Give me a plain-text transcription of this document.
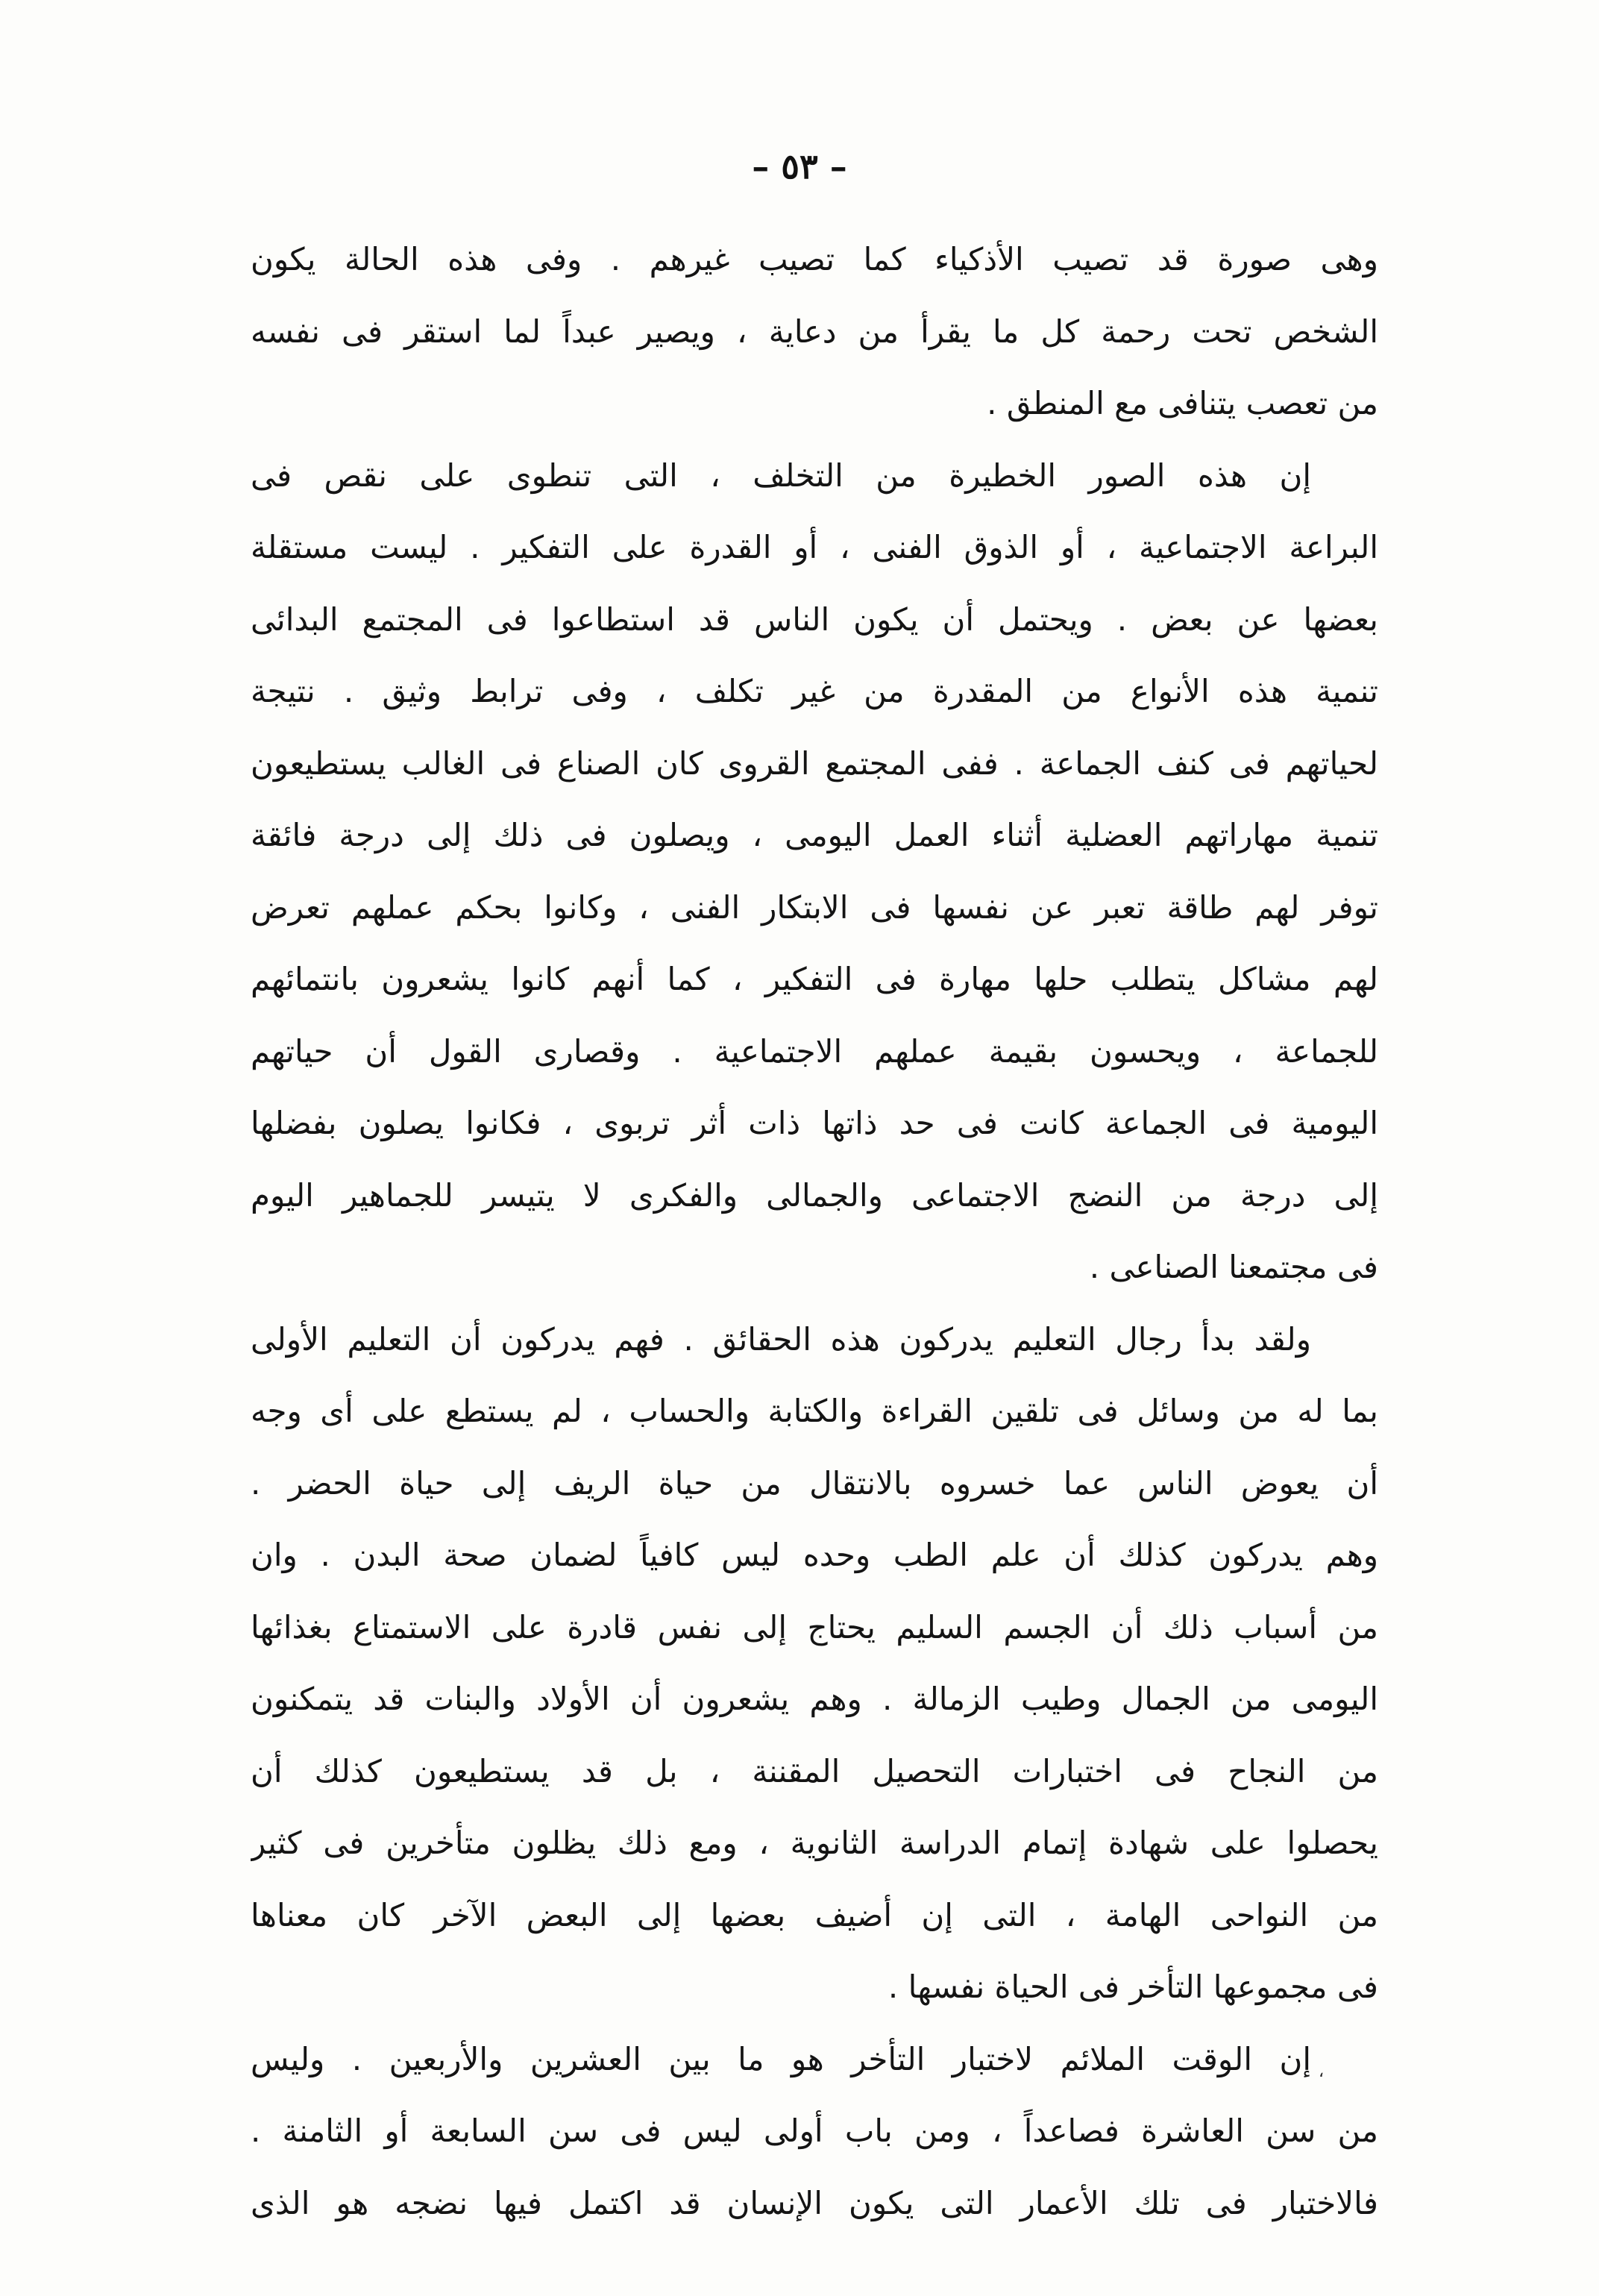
– ٥٣ –
وهى صورة قد تصيب الأذكياء كما تصيب غيرهم . وفى هذه الحالة يكون
الشخص تحت رحمة كل ما يقرأ من دعاية ، ويصير عبداً لما استقر فى نفسه
من تعصب يتنافى مع المنطق .
إن هذه الصور الخطيرة من التخلف ، التى تنطوى على نقص فى
البراعة الاجتماعية ، أو الذوق الفنى ، أو القدرة على التفكير . ليست مستقلة
بعضها عن بعض . ويحتمل أن يكون الناس قد استطاعوا فى المجتمع البدائى
تنمية هذه الأنواع من المقدرة من غير تكلف ، وفى ترابط وثيق . نتيجة
لحياتهم فى كنف الجماعة . ففى المجتمع القروى كان الصناع فى الغالب يستطيعون
تنمية مهاراتهم العضلية أثناء العمل اليومى ، ويصلون فى ذلك إلى درجة فائقة
توفر لهم طاقة تعبر عن نفسها فى الابتكار الفنى ، وكانوا بحكم عملهم تعرض
لهم مشاكل يتطلب حلها مهارة فى التفكير ، كما أنهم كانوا يشعرون بانتمائهم
للجماعة ، ويحسون بقيمة عملهم الاجتماعية . وقصارى القول أن حياتهم
اليومية فى الجماعة كانت فى حد ذاتها ذات أثر تربوى ، فكانوا يصلون بفضلها
إلى درجة من النضج الاجتماعى والجمالى والفكرى لا يتيسر للجماهير اليوم
فى مجتمعنا الصناعى .
ولقد بدأ رجال التعليم يدركون هذه الحقائق . فهم يدركون أن التعليم الأولى
بما له من وسائل فى تلقين القراءة والكتابة والحساب ، لم يستطع على أى وجه
أن يعوض الناس عما خسروه بالانتقال من حياة الريف إلى حياة الحضر .
وهم يدركون كذلك أن علم الطب وحده ليس كافياً لضمان صحة البدن . وان
من أسباب ذلك أن الجسم السليم يحتاج إلى نفس قادرة على الاستمتاع بغذائها
اليومى من الجمال وطيب الزمالة . وهم يشعرون أن الأولاد والبنات قد يتمكنون
من النجاح فى اختبارات التحصيل المقننة ، بل قد يستطيعون كذلك أن
يحصلوا على شهادة إتمام الدراسة الثانوية ، ومع ذلك يظلون متأخرين فى كثير
من النواحى الهامة ، التى إن أضيف بعضها إلى البعض الآخر كان معناها
فى مجموعها التأخر فى الحياة نفسها .
إن الوقت الملائم لاختبار التأخر هو ما بين العشرين والأربعين . وليس
من سن العاشرة فصاعداً ، ومن باب أولى ليس فى سن السابعة أو الثامنة .
فالاختبار فى تلك الأعمار التى يكون الإنسان قد اكتمل فيها نضجه هو الذى
،
